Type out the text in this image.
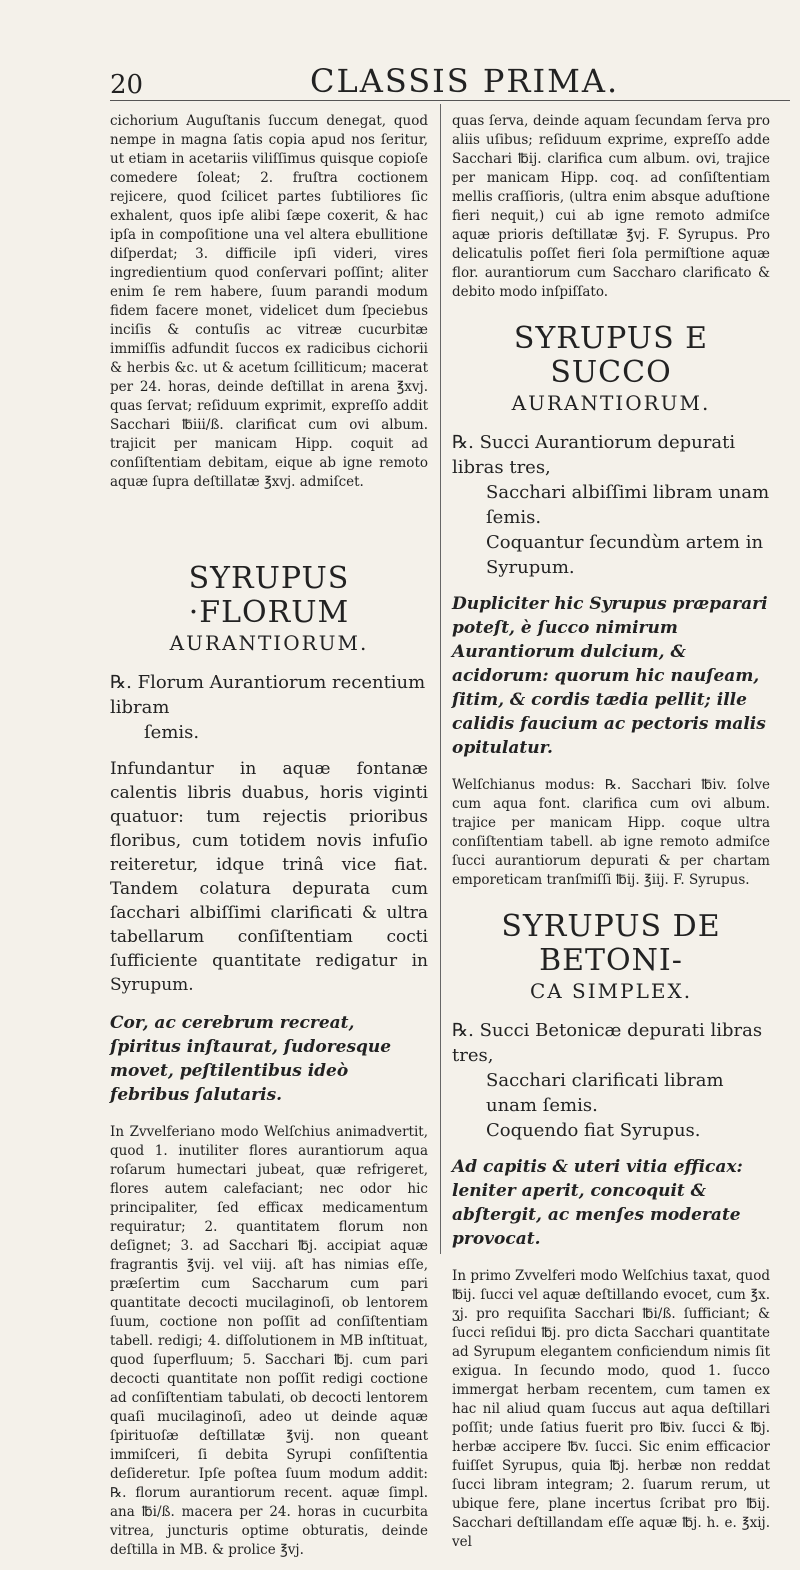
20	CLASSIS PRIMA.

cichorium Auguſtanis ſuccum denegat, quod nempe in magna ſatis copia apud nos ſeritur, ut etiam in acetariis viliſſimus quisque copioſe comedere ſoleat; 2. fruſtra coctionem rejicere, quod ſcilicet partes ſubtiliores ſic exhalent, quos ipſe alibi ſæpe coxerit, & hac ipſa in compoſitione una vel altera ebullitione diſperdat; 3. difficile ipſi videri, vires ingredientium quod conſervari poſſint; aliter enim ſe rem habere, ſuum parandi modum fidem facere monet, videlicet dum ſpeciebus inciſis & contuſis ac vitreæ cucurbitæ immiſſis adfundit ſuccos ex radicibus cichorii & herbis &c. ut & acetum ſcilliticum; macerat per 24. horas, deinde deſtillat in arena ℥xvj. quas ſervat; reſiduum exprimit, expreſſo addit Sacchari ℔iii/ß. clarificat cum ovi album. trajicit per manicam Hipp. coquit ad conſiſtentiam debitam, eique ab igne remoto aquæ ſupra deſtillatæ ℥xvj. admiſcet.

SYRUPUS ·FLORUM

AURANTIORUM.

℞. Florum Aurantiorum recentium libram
ſemis.

Infundantur in aquæ fontanæ calentis libris duabus, horis viginti quatuor: tum rejectis prioribus floribus, cum totidem novis infuſio reiteretur, idque trinâ vice fiat. Tandem colatura depurata cum ſacchari albiſſimi clarificati & ultra tabellarum conſiſtentiam cocti ſufficiente quantitate redigatur in Syrupum.

Cor, ac cerebrum recreat, ſpiritus inſtaurat, ſudoresque movet, peſtilentibus ideò febribus ſalutaris.

In Zvvelferiano modo Welſchius animadvertit, quod 1. inutiliter flores aurantiorum aqua roſarum humectari jubeat, quæ refrigeret, flores autem calefaciant; nec odor hic principaliter, ſed efficax medicamentum requiratur; 2. quantitatem florum non deſignet; 3. ad Sacchari ℔j. accipiat aquæ fragrantis ℥vij. vel viij. aſt has nimias eſſe, præſertim cum Saccharum cum pari quantitate decocti mucilaginoſi, ob lentorem ſuum, coctione non poſſit ad conſiſtentiam tabell. redigi; 4. diſſolutionem in MB inſtituat, quod ſuperfluum; 5. Sacchari ℔j. cum pari decocti quantitate non poſſit redigi coctione ad conſiſtentiam tabulati, ob decocti lentorem quaſi mucilaginoſi, adeo ut deinde aquæ ſpirituoſæ deſtillatæ ℥vij. non queant immiſceri, ſi debita Syrupi conſiſtentia deſideretur. Ipſe poſtea ſuum modum addit: ℞. florum aurantiorum recent. aquæ ſimpl. ana ℔i/ß. macera per 24. horas in cucurbita vitrea, juncturis optime obturatis, deinde deſtilla in MB. & prolice ℥vj.

quas ſerva, deinde aquam ſecundam ſerva pro aliis uſibus; reſiduum exprime, expreſſo adde Sacchari ℔ij. clarifica cum album. ovi, trajice per manicam Hipp. coq. ad conſiſtentiam mellis craſſioris, (ultra enim absque aduſtione fieri nequit,) cui ab igne remoto admiſce aquæ prioris deſtillatæ ℥vj. F. Syrupus. Pro delicatulis poſſet fieri ſola permiſtione aquæ flor. aurantiorum cum Saccharo clarificato & debito modo inſpiſſato.

SYRUPUS E SUCCO

AURANTIORUM.

℞. Succi Aurantiorum depurati libras tres,
Sacchari albiſſimi libram unam ſemis.
Coquantur ſecundùm artem in Syrupum.

Dupliciter hic Syrupus præparari poteſt, è ſucco nimirum Aurantiorum dulcium, & acidorum: quorum hic nauſeam, ſitim, & cordis tædia pellit; ille calidis faucium ac pectoris malis opitulatur.

Welſchianus modus: ℞. Sacchari ℔iv. ſolve cum aqua font. clarifica cum ovi album. trajice per manicam Hipp. coque ultra conſiſtentiam tabell. ab igne remoto admiſce ſucci aurantiorum depurati & per chartam emporeticam tranſmiſſi ℔ij. ℥iij. F. Syrupus.

SYRUPUS DE BETONI-

CA SIMPLEX.

℞. Succi Betonicæ depurati libras tres,
Sacchari clarificati libram unam ſemis.
Coquendo fiat Syrupus.

Ad capitis & uteri vitia efficax: leniter aperit, concoquit & abſtergit, ac menſes moderate provocat.

In primo Zvvelferi modo Welſchius taxat, quod ℔ij. ſucci vel aquæ deſtillando evocet, cum ℥x. ʒj. pro requiſita Sacchari ℔i/ß. ſufficiant; & ſucci reſidui ℔j. pro dicta Sacchari quantitate ad Syrupum elegantem conficiendum nimis ſit exigua. In ſecundo modo, quod 1. ſucco immergat herbam recentem, cum tamen ex hac nil aliud quam ſuccus aut aqua deſtillari poſſit; unde ſatius fuerit pro ℔iv. ſucci & ℔j. herbæ accipere ℔v. ſucci. Sic enim efficacior fuiſſet Syrupus, quia ℔j. herbæ non reddat ſucci libram integram; 2. ſuarum rerum, ut ubique fere, plane incertus ſcribat pro ℔ij. Sacchari deſtillandam eſſe aquæ ℔j. h. e. ℥xij. vel
